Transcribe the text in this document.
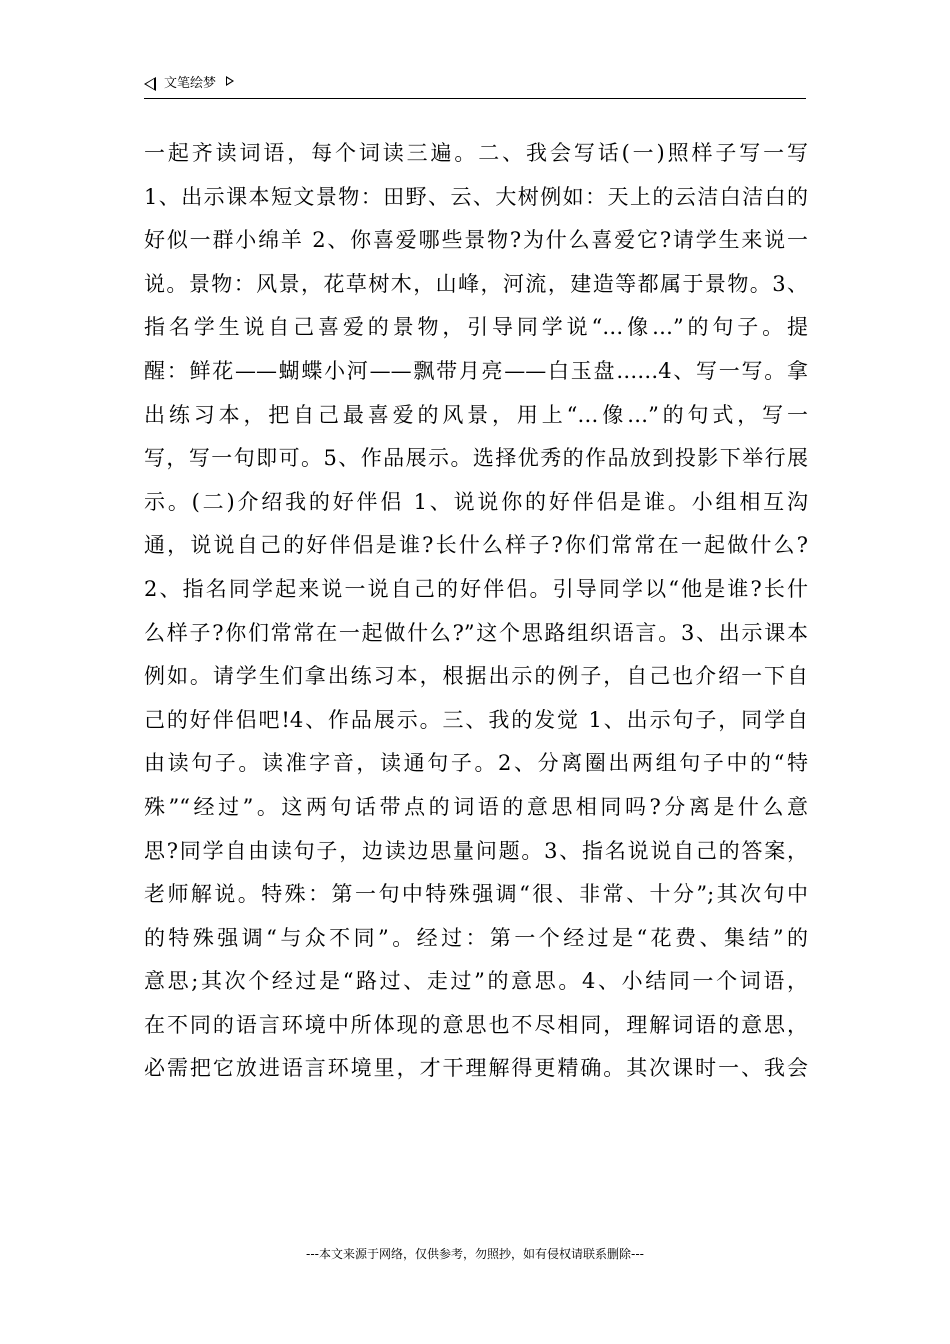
文笔绘梦
一起齐读词语，每个词读三遍。二、我会写话(一)照样子写一写
1、出示课本短文景物：田野、云、大树例如：天上的云洁白洁白的
好似一群小绵羊 2、你喜爱哪些景物?为什么喜爱它?请学生来说一
说。景物：风景，花草树木，山峰，河流，建造等都属于景物。3、
指名学生说自己喜爱的景物，引导同学说“…像…”的句子。提
醒：鲜花——蝴蝶小河——飘带月亮——白玉盘……4、写一写。拿
出练习本，把自己最喜爱的风景，用上“…像…”的句式，写一
写，写一句即可。5、作品展示。选择优秀的作品放到投影下举行展
示。(二)介绍我的好伴侣 1、说说你的好伴侣是谁。小组相互沟
通，说说自己的好伴侣是谁?长什么样子?你们常常在一起做什么?
2、指名同学起来说一说自己的好伴侣。引导同学以“他是谁?长什
么样子?你们常常在一起做什么?”这个思路组织语言。3、出示课本
例如。请学生们拿出练习本，根据出示的例子，自己也介绍一下自
己的好伴侣吧!4、作品展示。三、我的发觉 1、出示句子，同学自
由读句子。读准字音，读通句子。2、分离圈出两组句子中的“特
殊”“经过”。这两句话带点的词语的意思相同吗?分离是什么意
思?同学自由读句子，边读边思量问题。3、指名说说自己的答案，
老师解说。特殊：第一句中特殊强调“很、非常、十分”;其次句中
的特殊强调“与众不同”。经过：第一个经过是“花费、集结”的
意思;其次个经过是“路过、走过”的意思。4、小结同一个词语，
在不同的语言环境中所体现的意思也不尽相同，理解词语的意思，
必需把它放进语言环境里，才干理解得更精确。其次课时一、我会
---本文来源于网络，仅供参考，勿照抄，如有侵权请联系删除---
